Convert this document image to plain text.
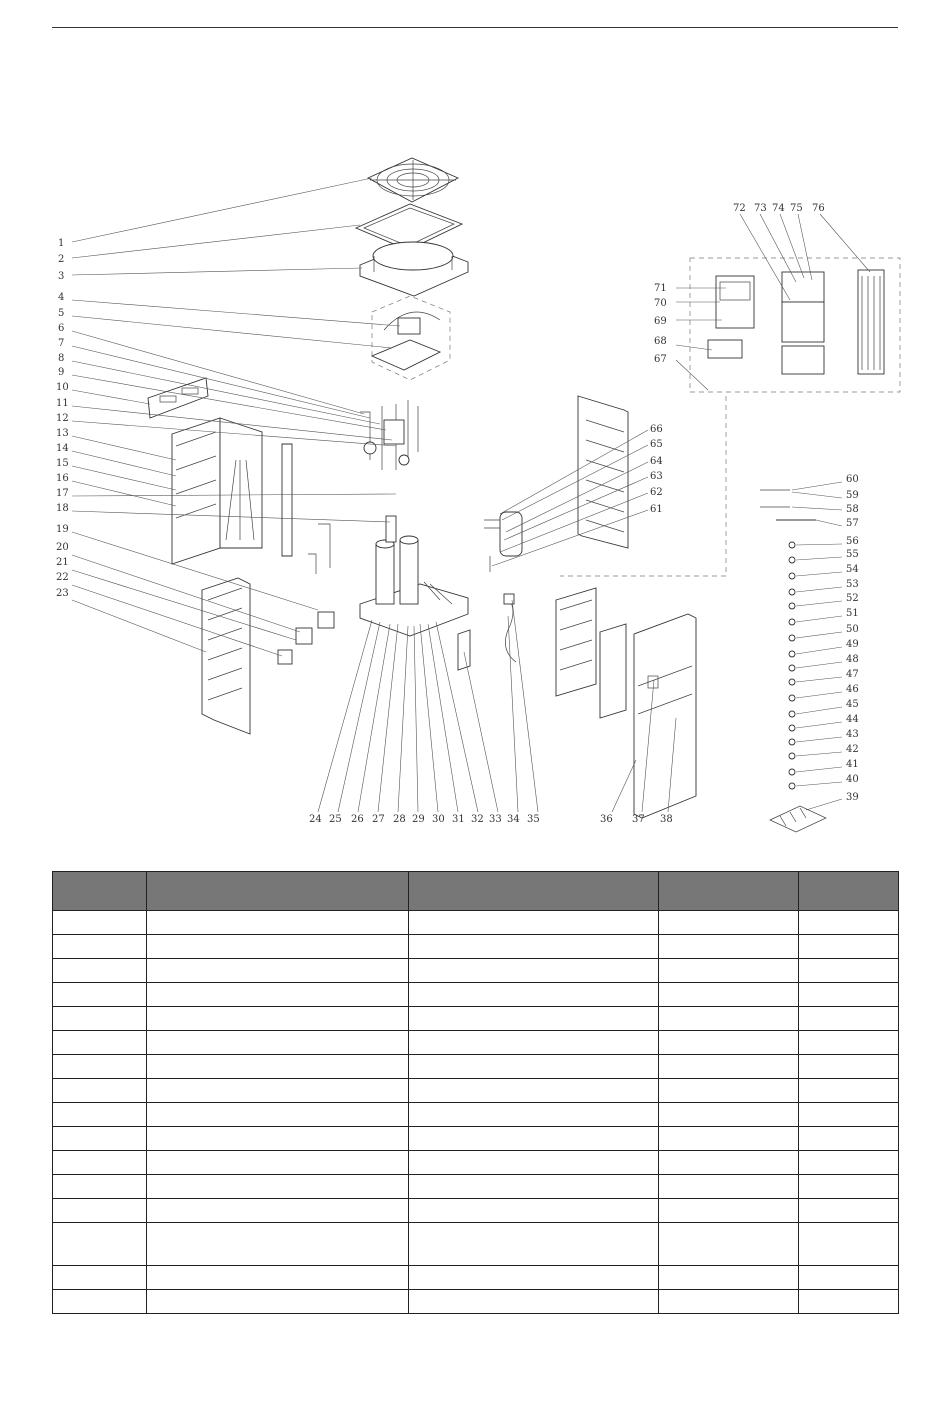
1
2
3
4
5
6
7
8
9
10
11
12
13
14
15
16
17
18
19
20
21
22
23
24 25 26 27 28 29 30 31 32 33 34 35	36 37 38
39
40
41
42
43
44
45
46
47
48
49
50
51
52
53
54
55
56
57
58
59
60
61
62
63
64
65
66
67
68
69
70
71
72 73 74 75 76
